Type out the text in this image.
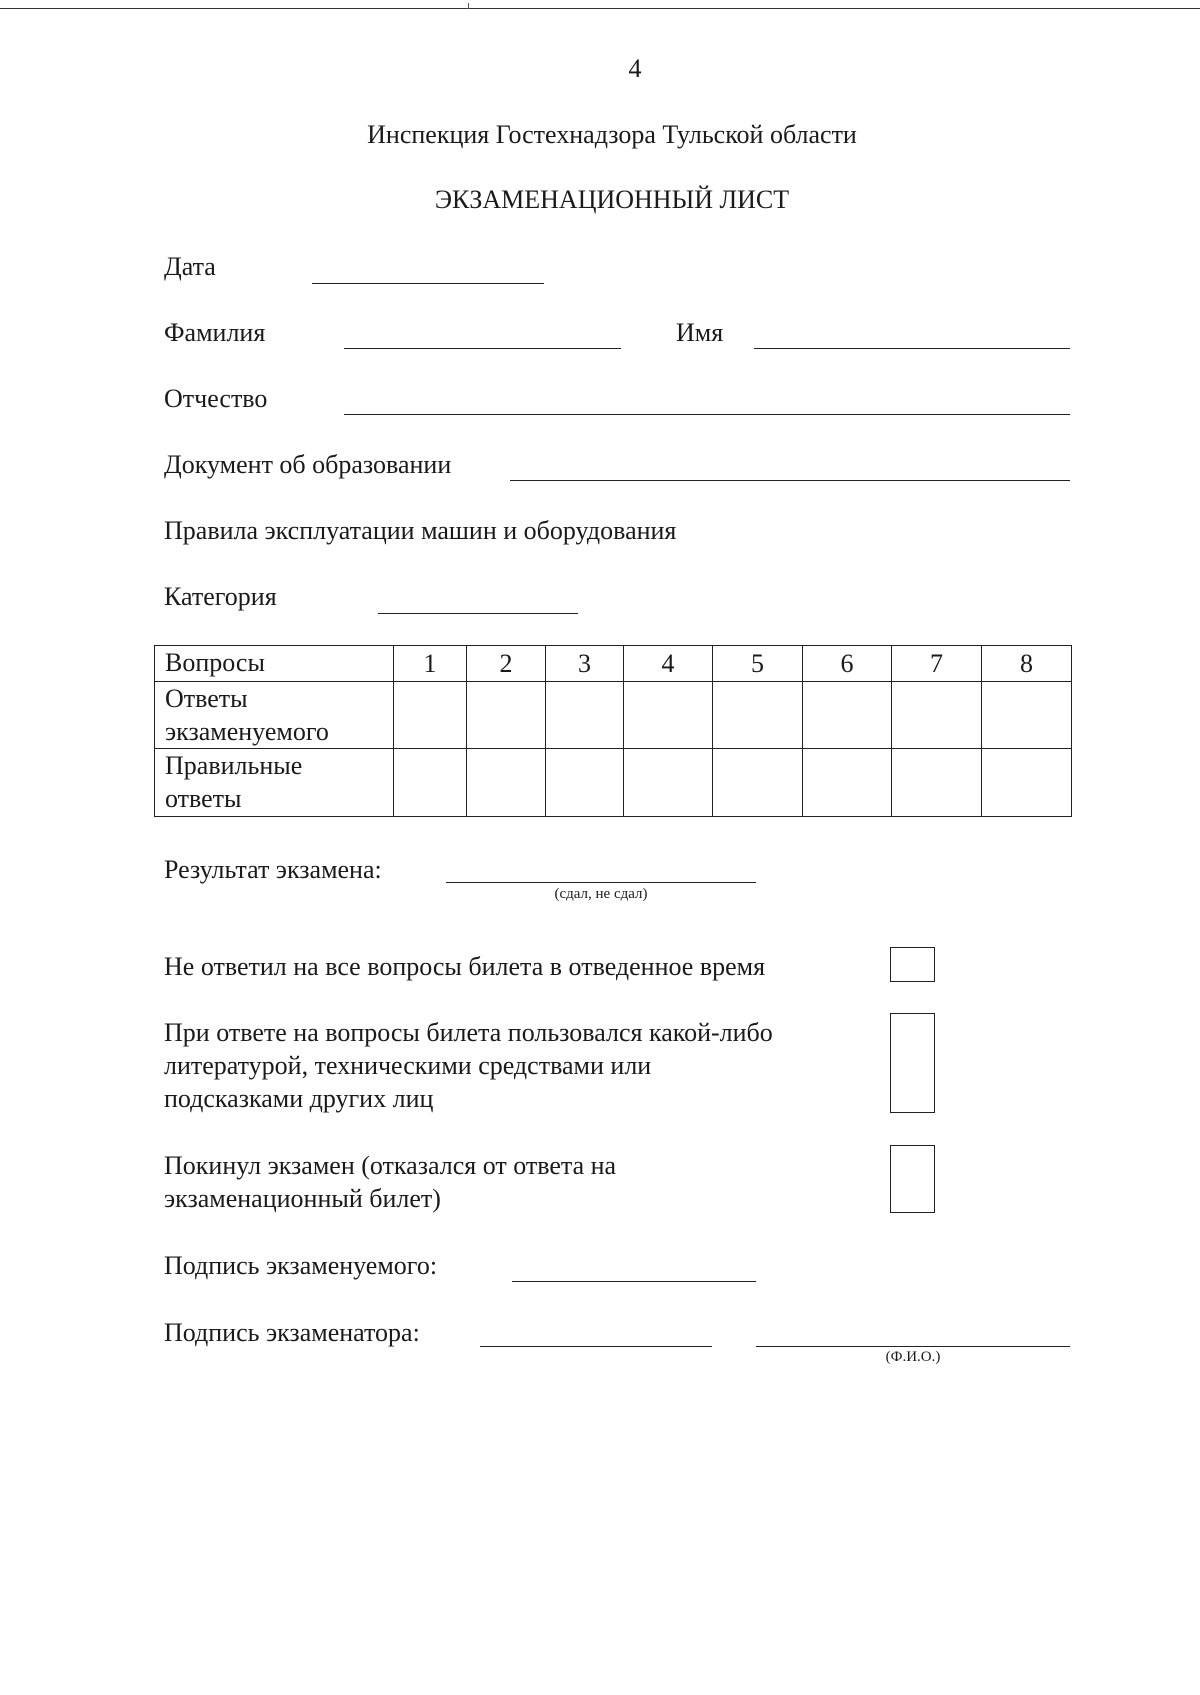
4
Инспекция Гостехнадзора Тульской области
ЭКЗАМЕНАЦИОННЫЙ ЛИСТ
Дата
Фамилия	Имя
Отчество
Документ об образовании
Правила эксплуатации машин и оборудования
Категория
Вопросы	1	2	3	4	5	6	7	8

Ответы
экзаменуемого								

Правильные
ответы								

Результат экзамена:
(сдал, не сдал)
Не ответил на все вопросы билета в отведенное время
При ответе на вопросы билета пользовался какой-либо
литературой, техническими средствами или
подсказками других лиц
Покинул экзамен (отказался от ответа на
экзаменационный билет)
Подпись экзаменуемого:
Подпись экзаменатора:
(Ф.И.О.)
